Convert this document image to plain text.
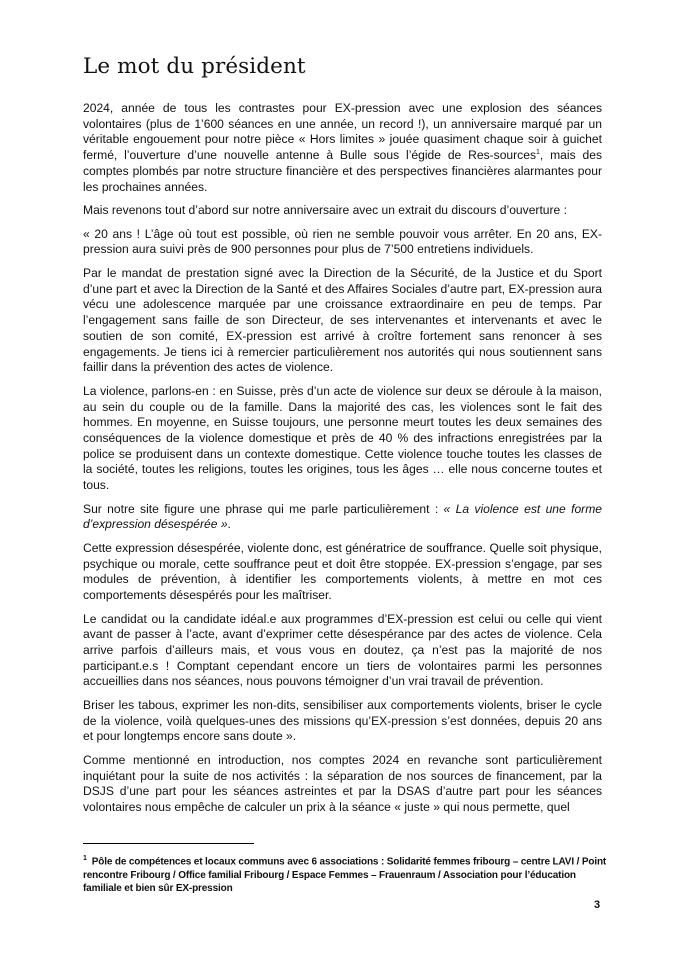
Le mot du président

2024, année de tous les contrastes pour EX-pression avec une explosion des séances volontaires (plus de 1’600 séances en une année, un record !), un anniversaire marqué par un véritable engouement pour notre pièce « Hors limites » jouée quasiment chaque soir à guichet fermé, l’ouverture d’une nouvelle antenne à Bulle sous l’égide de Res-sources$^1$, mais des comptes plombés par notre structure financière et des perspectives financières alarmantes pour les prochaines années.

Mais revenons tout d’abord sur notre anniversaire avec un extrait du discours d’ouverture :

« 20 ans ! L’âge où tout est possible, où rien ne semble pouvoir vous arrêter. En 20 ans, EX-pression aura suivi près de 900 personnes pour plus de 7’500 entretiens individuels.

Par le mandat de prestation signé avec la Direction de la Sécurité, de la Justice et du Sport d’une part et avec la Direction de la Santé et des Affaires Sociales d’autre part, EX-pression aura vécu une adolescence marquée par une croissance extraordinaire en peu de temps. Par l’engagement sans faille de son Directeur, de ses intervenantes et intervenants et avec le soutien de son comité, EX-pression est arrivé à croître fortement sans renoncer à ses engagements. Je tiens ici à remercier particulièrement nos autorités qui nous soutiennent sans faillir dans la prévention des actes de violence.

La violence, parlons-en : en Suisse, près d’un acte de violence sur deux se déroule à la maison, au sein du couple ou de la famille. Dans la majorité des cas, les violences sont le fait des hommes. En moyenne, en Suisse toujours, une personne meurt toutes les deux semaines des conséquences de la violence domestique et près de 40 % des infractions enregistrées par la police se produisent dans un contexte domestique. Cette violence touche toutes les classes de la société, toutes les religions, toutes les origines, tous les âges … elle nous concerne toutes et tous.

Sur notre site figure une phrase qui me parle particulièrement : « La violence est une forme d’expression désespérée ».

Cette expression désespérée, violente donc, est génératrice de souffrance. Quelle soit physique, psychique ou morale, cette souffrance peut et doit être stoppée. EX-pression s’engage, par ses modules de prévention, à identifier les comportements violents, à mettre en mot ces comportements désespérés pour les maîtriser.

Le candidat ou la candidate idéal.e aux programmes d’EX-pression est celui ou celle qui vient avant de passer à l’acte, avant d’exprimer cette désespérance par des actes de violence. Cela arrive parfois d’ailleurs mais, et vous vous en doutez, ça n’est pas la majorité de nos participant.e.s ! Comptant cependant encore un tiers de volontaires parmi les personnes accueillies dans nos séances, nous pouvons témoigner d’un vrai travail de prévention.

Briser les tabous, exprimer les non-dits, sensibiliser aux comportements violents, briser le cycle de la violence, voilà quelques-unes des missions qu’EX-pression s’est données, depuis 20 ans et pour longtemps encore sans doute ».

Comme mentionné en introduction, nos comptes 2024 en revanche sont particulièrement inquiétant pour la suite de nos activités : la séparation de nos sources de financement, par la DSJS d’une part pour les séances astreintes et par la DSAS d’autre part pour les séances volontaires nous empêche de calculer un prix à la séance « juste » qui nous permette, quel

$^1$ Pôle de compétences et locaux communs avec 6 associations : Solidarité femmes fribourg – centre LAVI / Point rencontre Fribourg / Office familial Fribourg / Espace Femmes – Frauenraum / Association pour l’éducation familiale et bien sûr EX-pression
3
